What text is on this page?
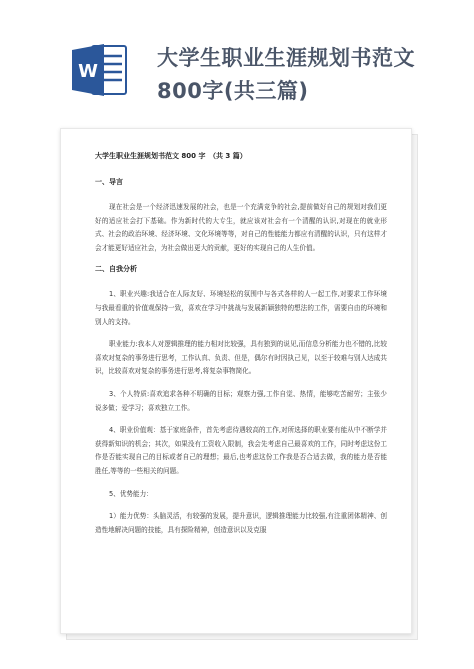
W
大学生职业生涯规划书范文800字(共三篇)
大学生职业生涯规划书范文 800 字　（共 3 篇）
一、导言

现在社会是一个经济迅速发展的社会，也是一个充满竞争的社会,提前做好自己的规划对我们更好的适应社会打下基础。作为新时代的大专生，就应该对社会有一个清醒的认识,对现在的就业形式、社会的政治环境、经济环境、文化环境等等，对自己的性能能力都应有清醒的认识，只有这样才会才能更好适应社会，为社会做出更大的贡献，更好的实现自己的人生价值。

二、自我分析

1、职业兴趣:我适合在人际友好、环境轻松的氛围中与各式各样的人一起工作,对要求工作环境与我最看重的价值观保持一致，喜欢在学习中挑战与发展新颖独特的想法的工作，需要自由的环境和别人的支持。

职业能力:我本人对逻辑推理的能力相对比较强，具有独到的说见,而信息分析能力也不错的,比较喜欢对复杂的事务进行思考，工作认真、负责、但是，偶尔有时因执己见，以至于较难与别人达成共识，比较喜欢对复杂的事务进行思考,将复杂事物简化。

3、个人特质:喜欢追求各种不明确的目标；观察力强,工作自觉、热情，能够吃苦耐劳；主张少说多做；爱学习；喜欢独立工作。

4、职业价值观：基于家庭条件，首先考虑待遇较高的工作,对所选择的职业要有能从中不断学并获得新知识的机会；其次，如果没有工资收入限制，我会先考虑自己最喜欢的工作，同时考虑这份工作是否能实现自己的目标或者自己的理想；最后,也考虑这份工作我是否合适去做，我的能力是否能胜任,等等的一些相关的问题。

5、优势能力：

1）能力优势：头脑灵活，有较强的发展，提升意识，逻辑推理能力比较强,有注重团体精神、创造性地解决问题的技能，具有探险精神，创造意识以及克服
